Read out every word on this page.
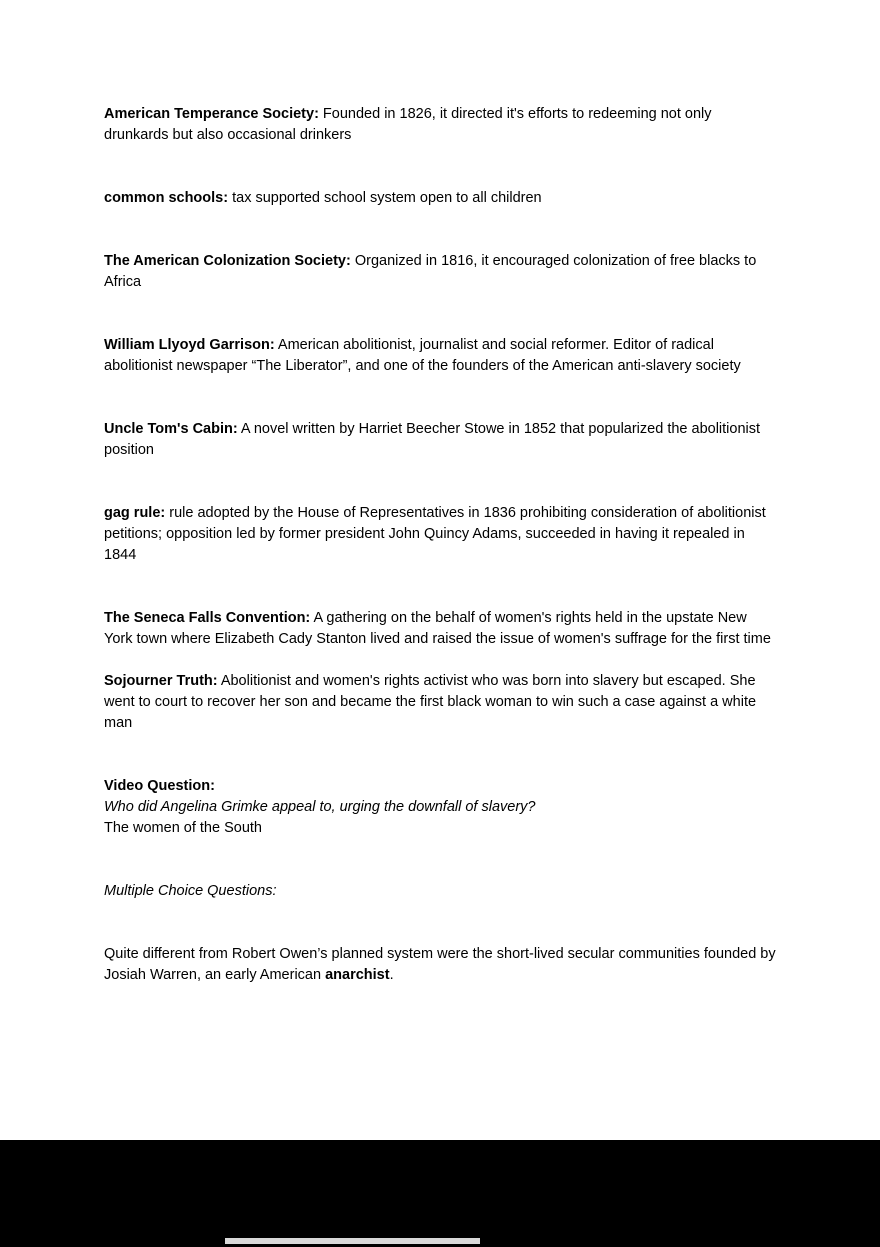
American Temperance Society: Founded in 1826, it directed it's efforts to redeeming not only drunkards but also occasional drinkers

common schools: tax supported school system open to all children

The American Colonization Society: Organized in 1816, it encouraged colonization of free blacks to Africa

William Llyoyd Garrison: American abolitionist, journalist and social reformer. Editor of radical abolitionist newspaper “The Liberator”, and one of the founders of the American anti-slavery society

Uncle Tom's Cabin: A novel written by Harriet Beecher Stowe in 1852 that popularized the abolitionist position

gag rule: rule adopted by the House of Representatives in 1836 prohibiting consideration of abolitionist petitions; opposition led by former president John Quincy Adams, succeeded in having it repealed in 1844

The Seneca Falls Convention: A gathering on the behalf of women's rights held in the upstate New York town where Elizabeth Cady Stanton lived and raised the issue of women's suffrage for the first time

Sojourner Truth: Abolitionist and women's rights activist who was born into slavery but escaped. She went to court to recover her son and became the first black woman to win such a case against a white man

Video Question:
Who did Angelina Grimke appeal to, urging the downfall of slavery?
The women of the South

Multiple Choice Questions:

Quite different from Robert Owen’s planned system were the short-lived secular communities founded by Josiah Warren, an early American anarchist.
